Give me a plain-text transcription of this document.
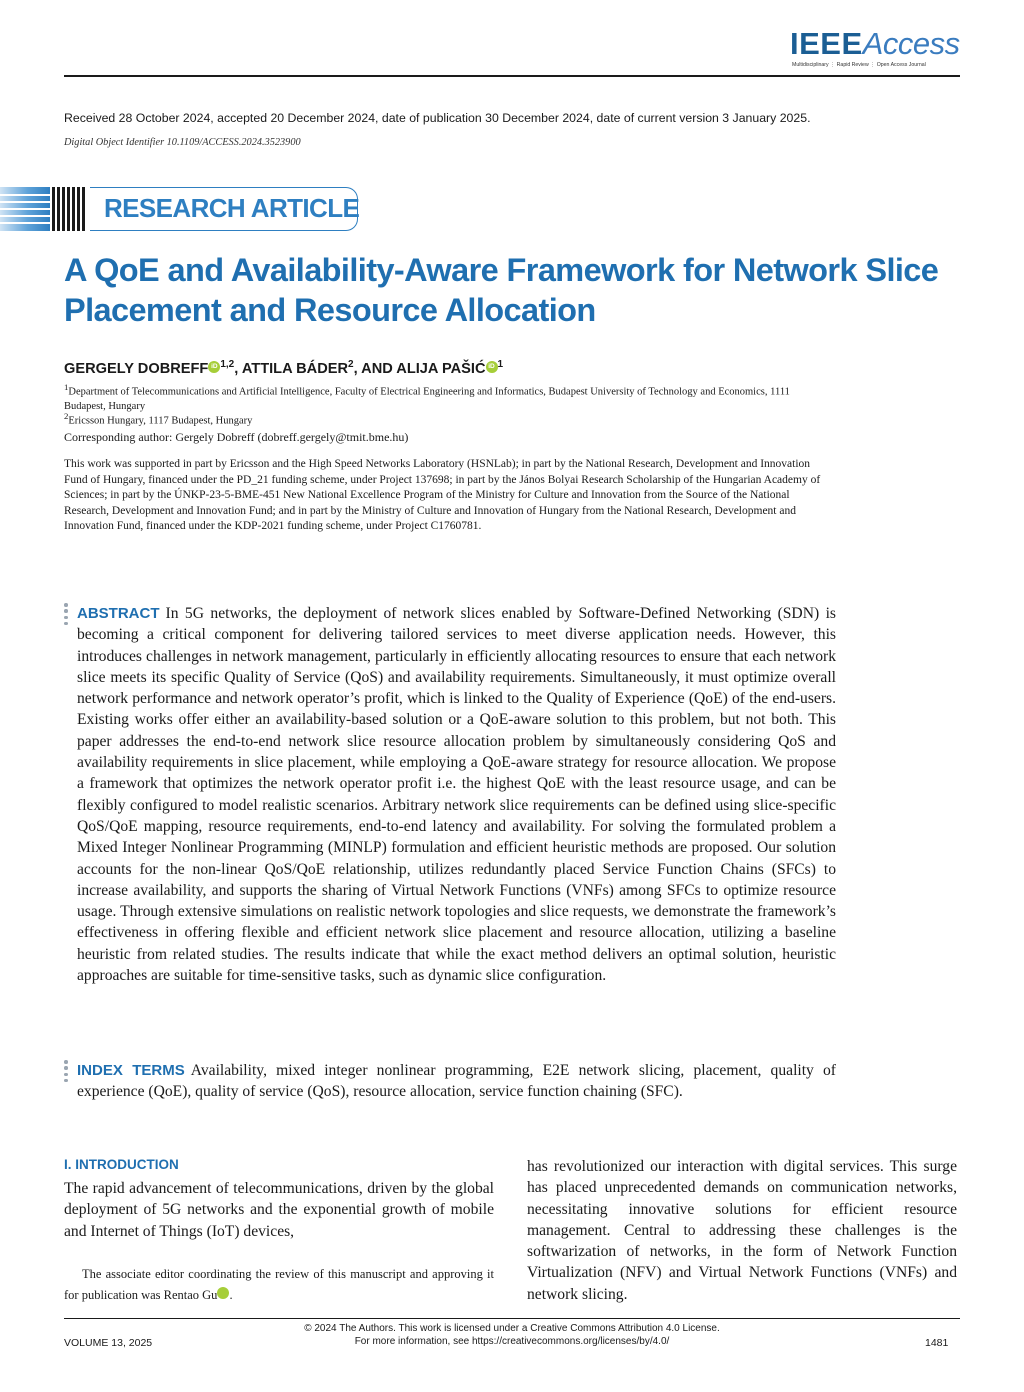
IEEEAccess
Multidisciplinary ⋮ Rapid Review ⋮ Open Access Journal
Received 28 October 2024, accepted 20 December 2024, date of publication 30 December 2024, date of current version 3 January 2025.
Digital Object Identifier 10.1109/ACCESS.2024.3523900
RESEARCH ARTICLE
A QoE and Availability-Aware Framework for Network Slice Placement and Resource Allocation
GERGELY DOBREFF iD $^{1,2}$, ATTILA BÁDER$^2$, AND ALIJA PAŠIĆ iD $^1$
$^1$Department of Telecommunications and Artificial Intelligence, Faculty of Electrical Engineering and Informatics, Budapest University of Technology and Economics, 1111 Budapest, Hungary
$^2$Ericsson Hungary, 1117 Budapest, Hungary
Corresponding author: Gergely Dobreff (dobreff.gergely@tmit.bme.hu)
This work was supported in part by Ericsson and the High Speed Networks Laboratory (HSNLab); in part by the National Research, Development and Innovation Fund of Hungary, financed under the PD_21 funding scheme, under Project 137698; in part by the János Bolyai Research Scholarship of the Hungarian Academy of Sciences; in part by the ÚNKP-23-5-BME-451 New National Excellence Program of the Ministry for Culture and Innovation from the Source of the National Research, Development and Innovation Fund; and in part by the Ministry of Culture and Innovation of Hungary from the National Research, Development and Innovation Fund, financed under the KDP-2021 funding scheme, under Project C1760781.
ABSTRACT In 5G networks, the deployment of network slices enabled by Software-Defined Networking (SDN) is becoming a critical component for delivering tailored services to meet diverse application needs. However, this introduces challenges in network management, particularly in efficiently allocating resources to ensure that each network slice meets its specific Quality of Service (QoS) and availability requirements. Simultaneously, it must optimize overall network performance and network operator’s profit, which is linked to the Quality of Experience (QoE) of the end-users. Existing works offer either an availability-based solution or a QoE-aware solution to this problem, but not both. This paper addresses the end-to-end network slice resource allocation problem by simultaneously considering QoS and availability requirements in slice placement, while employing a QoE-aware strategy for resource allocation. We propose a framework that optimizes the network operator profit i.e. the highest QoE with the least resource usage, and can be flexibly configured to model realistic scenarios. Arbitrary network slice requirements can be defined using slice-specific QoS/QoE mapping, resource requirements, end-to-end latency and availability. For solving the formulated problem a Mixed Integer Nonlinear Programming (MINLP) formulation and efficient heuristic methods are proposed. Our solution accounts for the non-linear QoS/QoE relationship, utilizes redundantly placed Service Function Chains (SFCs) to increase availability, and supports the sharing of Virtual Network Functions (VNFs) among SFCs to optimize resource usage. Through extensive simulations on realistic network topologies and slice requests, we demonstrate the framework’s effectiveness in offering flexible and efficient network slice placement and resource allocation, utilizing a baseline heuristic from related studies. The results indicate that while the exact method delivers an optimal solution, heuristic approaches are suitable for time-sensitive tasks, such as dynamic slice configuration.
INDEX TERMS Availability, mixed integer nonlinear programming, E2E network slicing, placement, quality of experience (QoE), quality of service (QoS), resource allocation, service function chaining (SFC).
I. INTRODUCTION
The rapid advancement of telecommunications, driven by the global deployment of 5G networks and the exponential growth of mobile and Internet of Things (IoT) devices,
The associate editor coordinating the review of this manuscript and approving it for publication was Rentao Gu	iD.
has revolutionized our interaction with digital services. This surge has placed unprecedented demands on communication networks, necessitating innovative solutions for efficient resource management. Central to addressing these challenges is the softwarization of networks, in the form of Network Function Virtualization (NFV) and Virtual Network Functions (VNFs) and network slicing.
© 2024 The Authors. This work is licensed under a Creative Commons Attribution 4.0 License.
For more information, see https://creativecommons.org/licenses/by/4.0/
VOLUME 13, 2025	1481
